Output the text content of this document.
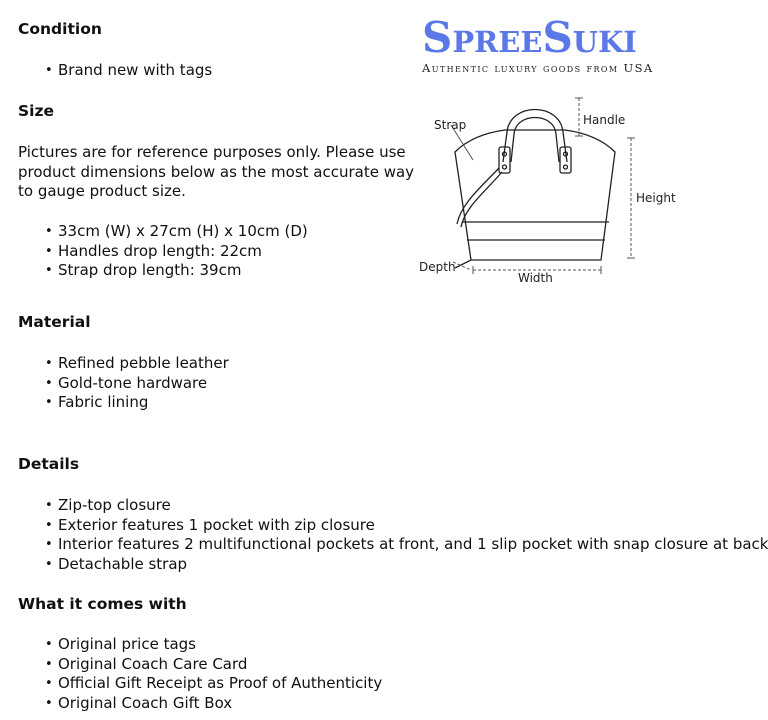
Condition
• Brand new with tags
Size

Pictures are for reference purposes only. Please use product dimensions below as the most accurate way to gauge product size.

• 33cm (W) x 27cm (H) x 10cm (D)
• Handles drop length: 22cm
• Strap drop length: 39cm
Material
• Refined pebble leather
• Gold-tone hardware
• Fabric lining
Details
• Zip-top closure
• Exterior features 1 pocket with zip closure
• Interior features 2 multifunctional pockets at front, and 1 slip pocket with snap closure at back
• Detachable strap
What it comes with
• Original price tags
• Original Coach Care Card
• Official Gift Receipt as Proof of Authenticity
• Original Coach Gift Box
SpreeSuki
Authentic luxury goods from USA
Strap	Handle
Height
Depth
Width
